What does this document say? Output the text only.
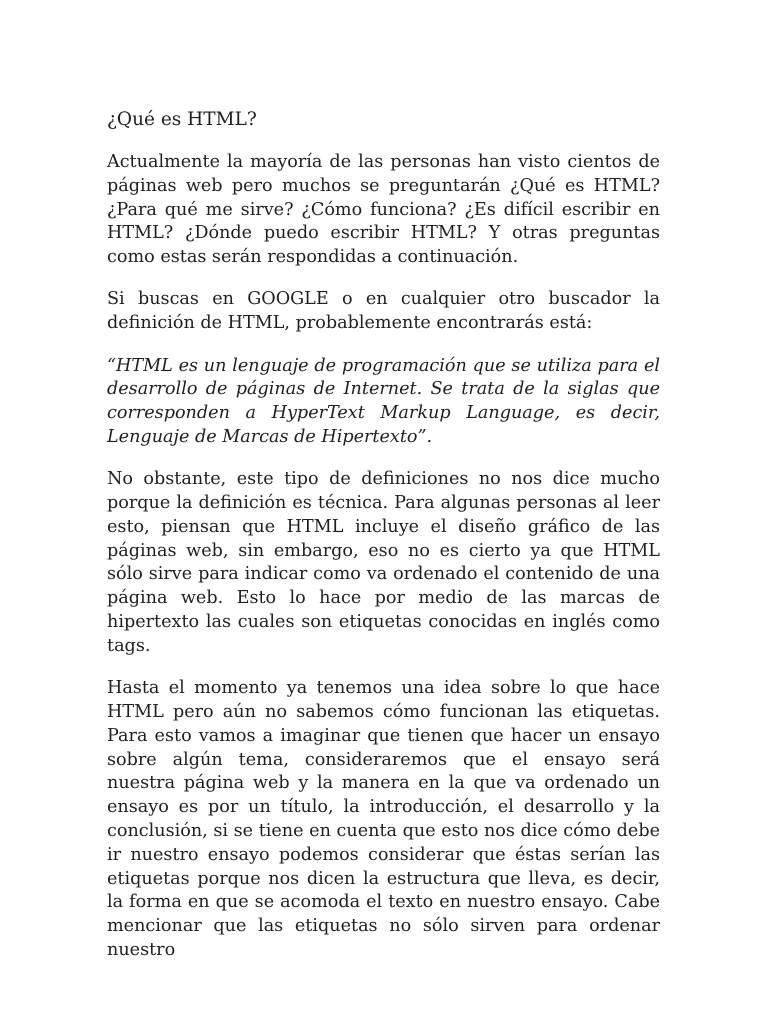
¿Qué es HTML?

Actualmente la mayoría de las personas han visto cientos de páginas web pero muchos se preguntarán ¿Qué es HTML? ¿Para qué me sirve? ¿Cómo funciona? ¿Es difícil escribir en HTML? ¿Dónde puedo escribir HTML? Y otras preguntas como estas serán respondidas a continuación.

Si buscas en GOOGLE o en cualquier otro buscador la definición de HTML, probablemente encontrarás está:

“HTML es un lenguaje de programación que se utiliza para el desarrollo de páginas de Internet. Se trata de la siglas que corresponden a HyperText Markup Language, es decir, Lenguaje de Marcas de Hipertexto”.

No obstante, este tipo de definiciones no nos dice mucho porque la definición es técnica. Para algunas personas al leer esto, piensan que HTML incluye el diseño gráfico de las páginas web, sin embargo, eso no es cierto ya que HTML sólo sirve para indicar como va ordenado el contenido de una página web. Esto lo hace por medio de las marcas de hipertexto las cuales son etiquetas conocidas en inglés como tags.

Hasta el momento ya tenemos una idea sobre lo que hace HTML pero aún no sabemos cómo funcionan las etiquetas. Para esto vamos a imaginar que tienen que hacer un ensayo sobre algún tema, consideraremos que el ensayo será nuestra página web y la manera en la que va ordenado un ensayo es por un título, la introducción, el desarrollo y la conclusión, si se tiene en cuenta que esto nos dice cómo debe ir nuestro ensayo podemos considerar que éstas serían las etiquetas porque nos dicen la estructura que lleva, es decir, la forma en que se acomoda el texto en nuestro ensayo. Cabe mencionar que las etiquetas no sólo sirven para ordenar nuestro
